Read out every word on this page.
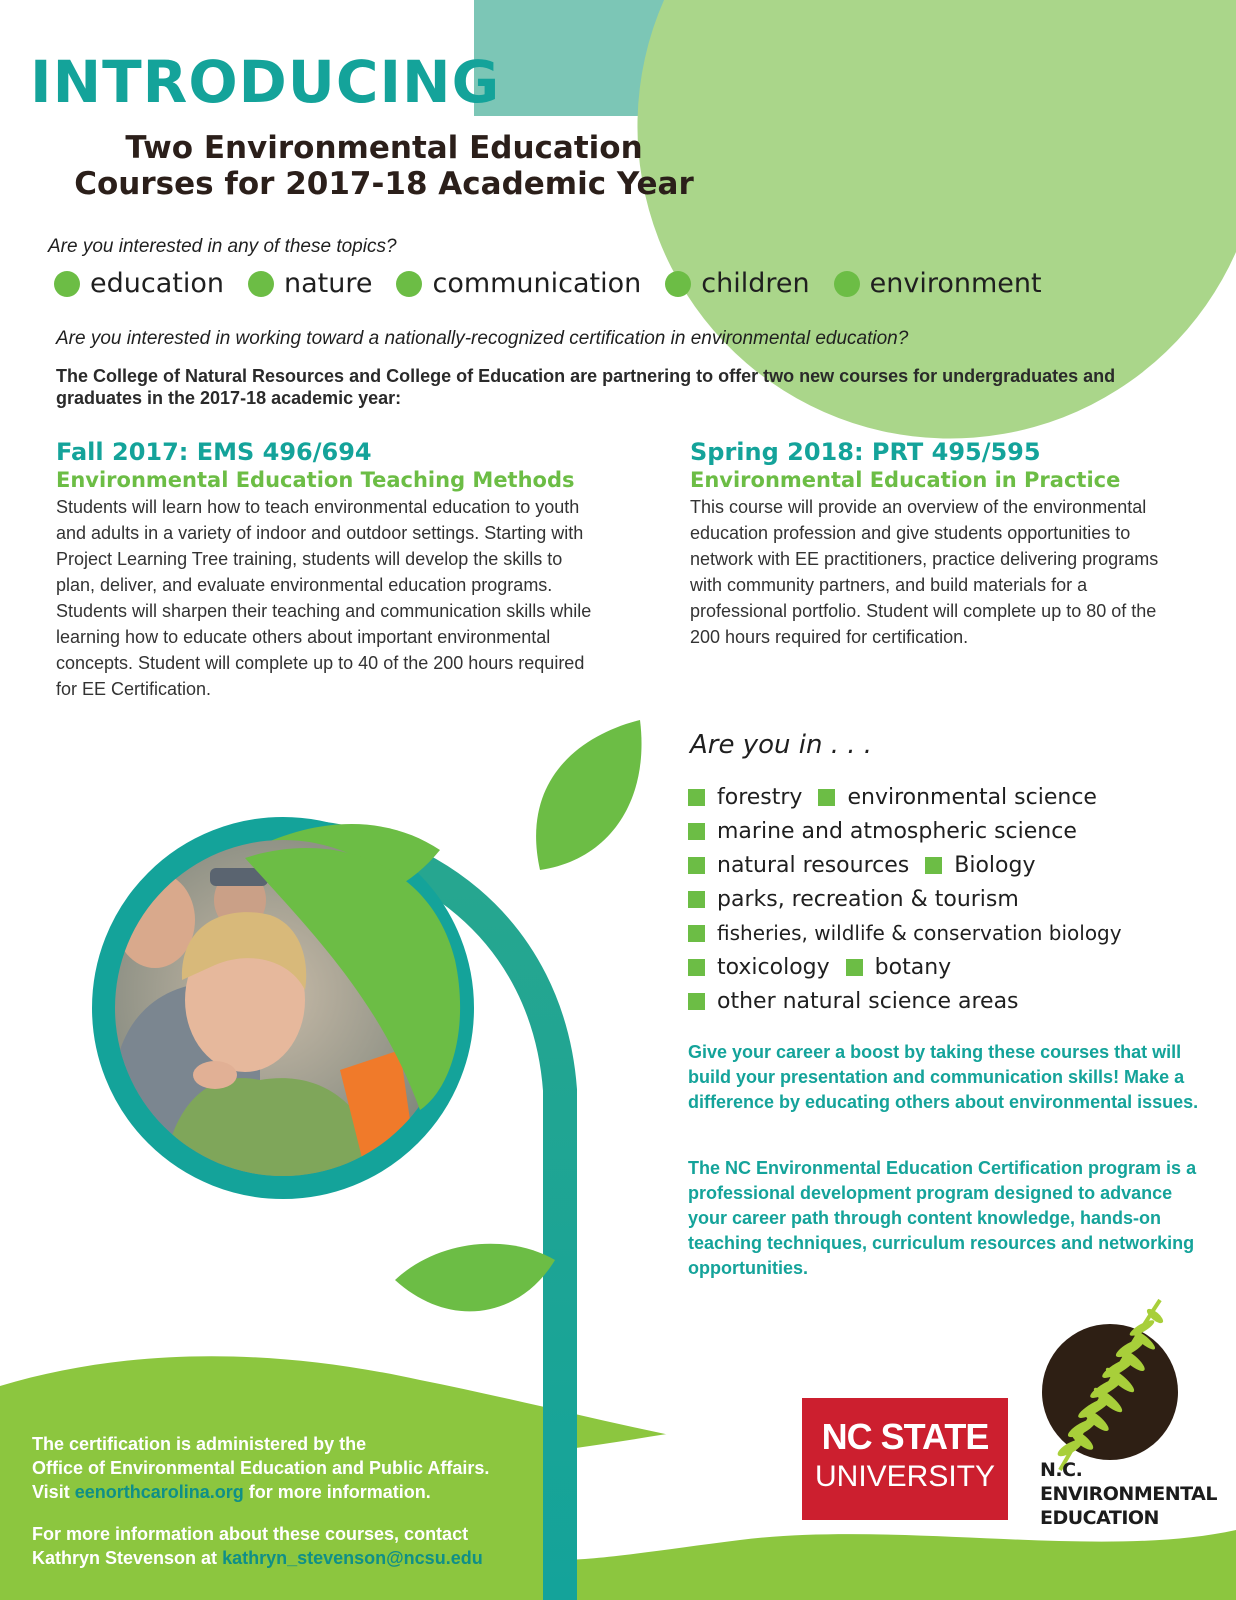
INTRODUCING
Two Environmental Education
Courses for 2017-18 Academic Year
Are you interested in any of these topics?
education nature communication children environment
Are you interested in working toward a nationally-recognized certification in environmental education?

The College of Natural Resources and College of Education are partnering to offer two new courses for undergraduates and graduates in the 2017-18 academic year:

Fall 2017: EMS 496/694
Environmental Education Teaching Methods
Students will learn how to teach environmental education to youth and adults in a variety of indoor and outdoor settings. Starting with Project Learning Tree training, students will develop the skills to plan, deliver, and evaluate environmental education programs. Students will sharpen their teaching and communication skills while learning how to educate others about important environmental concepts. Student will complete up to 40 of the 200 hours required for EE Certification.
Spring 2018: PRT 495/595
Environmental Education in Practice
This course will provide an overview of the environmental education profession and give students opportunities to network with EE practitioners, practice delivering programs with community partners, and build materials for a professional portfolio. Student will complete up to 80 of the 200 hours required for certification.
Are you in . . .
forestry environmental science
marine and atmospheric science
natural resources Biology
parks, recreation & tourism
fisheries, wildlife & conservation biology
toxicology botany
other natural science areas

Give your career a boost by taking these courses that will build your presentation and communication skills! Make a difference by educating others about environmental issues.

The NC Environmental Education Certification program is a professional development program designed to advance your career path through content knowledge, hands-on teaching techniques, curriculum resources and networking opportunities.

The certification is administered by the

Office of Environmental Education and Public Affairs.

Visit eenorthcarolina.org for more information.

For more information about these courses, contact

Kathryn Stevenson at kathryn_stevenson@ncsu.edu

NC STATE
UNIVERSITY	N.C.
ENVIRONMENTAL
EDUCATION
